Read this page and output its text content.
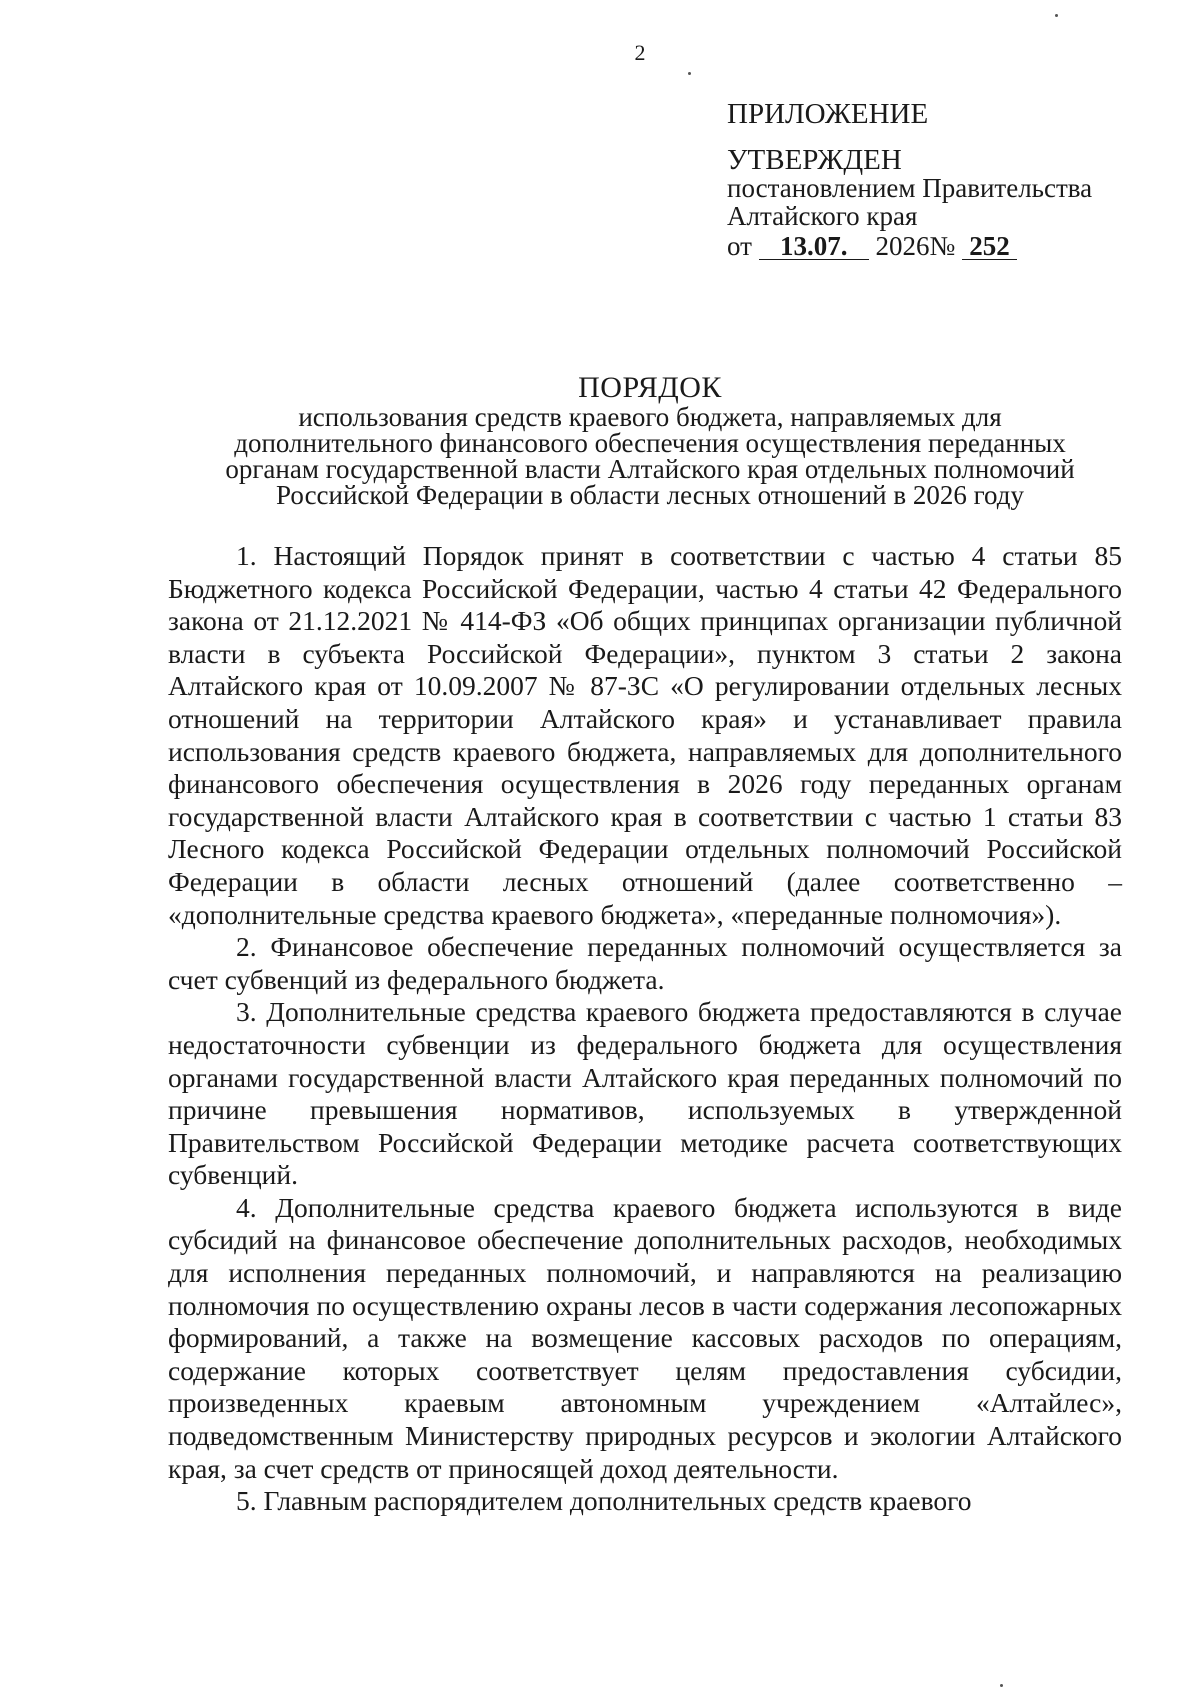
2
ПРИЛОЖЕНИЕ
УТВЕРЖДЕН
постановлением Правительства
Алтайского края
от 13.07. 2026№ 252
ПОРЯДОК
использования средств краевого бюджета, направляемых для
дополнительного финансового обеспечения осуществления переданных
органам государственной власти Алтайского края отдельных полномочий
Российской Федерации в области лесных отношений в 2026 году

1. Настоящий Порядок принят в соответствии с частью 4 статьи 85 Бюджетного кодекса Российской Федерации, частью 4 статьи 42 Федерального закона от 21.12.2021 № 414-ФЗ «Об общих принципах организации публичной власти в субъекта Российской Федерации», пунктом 3 статьи 2 закона Алтайского края от 10.09.2007 № 87-ЗС «О регулировании отдельных лесных отношений на территории Алтайского края» и устанавливает правила использования средств краевого бюджета, направляемых для дополнительного финансового обеспечения осуществления в 2026 году переданных органам государственной власти Алтайского края в соответствии с частью 1 статьи 83 Лесного кодекса Российской Федерации отдельных полномочий Российской Федерации в области лесных отношений (далее соответственно – «дополнительные средства краевого бюджета», «переданные полномочия»).

2. Финансовое обеспечение переданных полномочий осуществляется за счет субвенций из федерального бюджета.

3. Дополнительные средства краевого бюджета предоставляются в случае недостаточности субвенции из федерального бюджета для осуществления органами государственной власти Алтайского края переданных полномочий по причине превышения нормативов, используемых в утвержденной Правительством Российской Федерации методике расчета соответствующих субвенций.

4. Дополнительные средства краевого бюджета используются в виде субсидий на финансовое обеспечение дополнительных расходов, необходимых для исполнения переданных полномочий, и направляются на реализацию полномочия по осуществлению охраны лесов в части содержания лесопожарных формирований, а также на возмещение кассовых расходов по операциям, содержание которых соответствует целям предоставления субсидии, произведенных краевым автономным учреждением «Алтайлес», подведомственным Министерству природных ресурсов и экологии Алтайского края, за счет средств от приносящей доход деятельности.

5. Главным распорядителем дополнительных средств краевого
